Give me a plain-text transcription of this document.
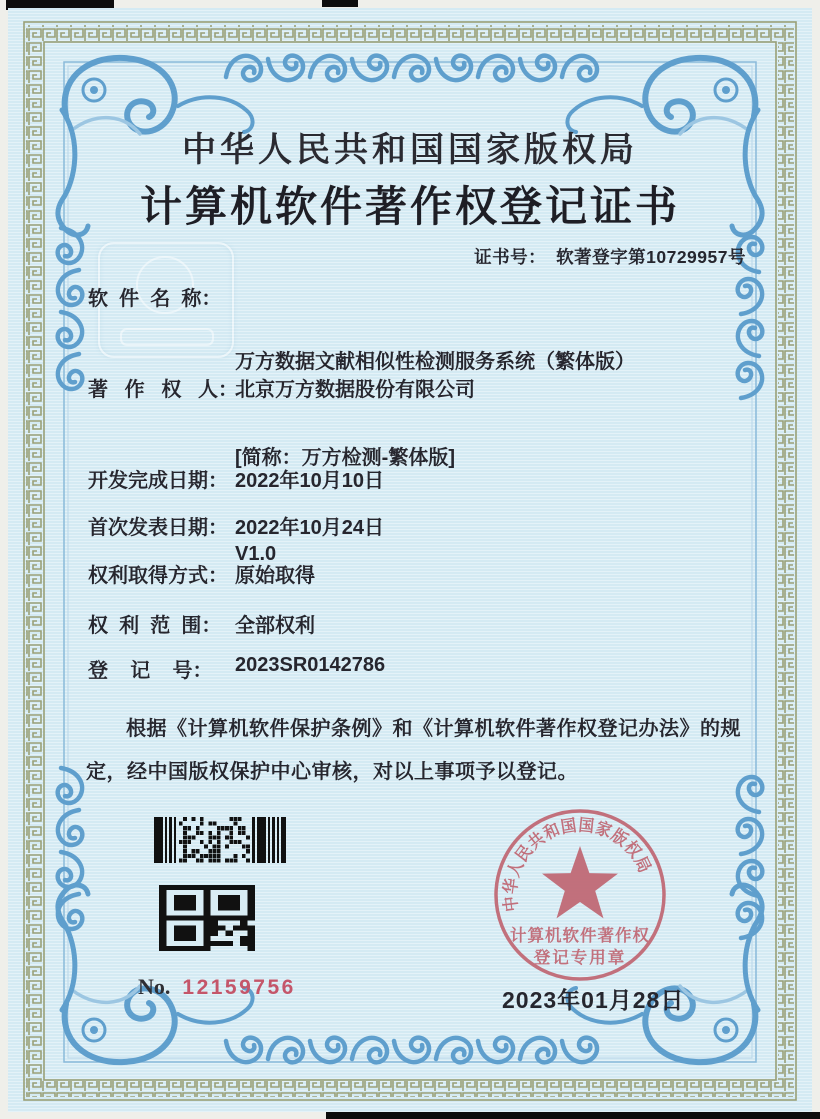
中华人民共和国国家版权局
计算机软件著作权
登记专用章
中华人民共和国国家版权局
计算机软件著作权登记证书
证书号： 软著登字第10729957号
软  件  名  称：

万方数据文献相似性检测服务系统（繁体版）

[简称：万方检测-繁体版]

V1.0

著   作   权   人：
北京万方数据股份有限公司
开发完成日期： 2022年10月10日
首次发表日期： 2022年10月24日
权利取得方式： 原始取得
权  利  范  围： 全部权利
登    记    号：	2023SR0142786
根据《计算机软件保护条例》和《计算机软件著作权登记办法》的规定，经中国版权保护中心审核，对以上事项予以登记。
No. 12159756	2023年01月28日
